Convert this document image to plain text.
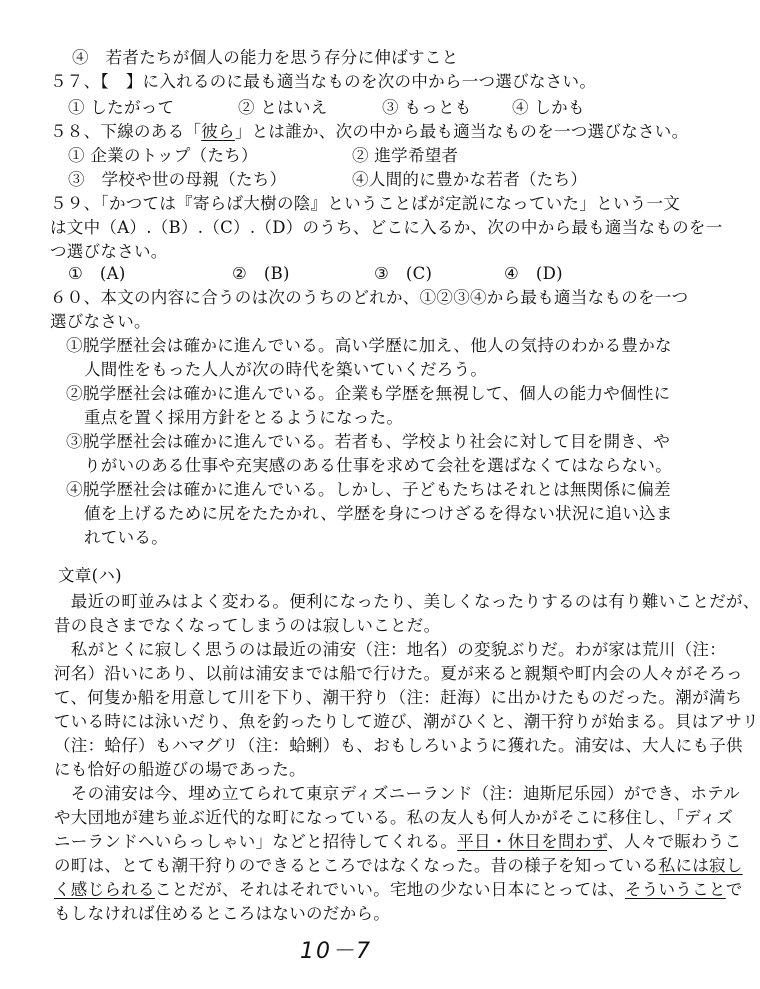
④　若者たちが個人の能力を思う存分に伸ばすこと
５７、【　】に入れるのに最も適当なものを次の中から一つ選びなさい。
① したがって	② とはいえ	③ もっとも ④ しかも
５８、下線のある「彼ら」とは誰か、次の中から最も適当なものを一つ選びなさい。
① 企業のトップ（たち）	② 進学希望者
③　学校や世の母親（たち）	④人間的に豊かな若者（たち）
５９、「かつては『寄らば大樹の陰』ということばが定説になっていた」という一文
は文中（A）.（B）.（C）.（D）のうち、どこに入るか、次の中から最も適当なものを一
つ選びなさい。
①　(A)	②　(B)	③　(C)	④　(D)
６０、本文の内容に合うのは次のうちのどれか、①②③④から最も適当なものを一つ
選びなさい。
①脱学歴社会は確かに進んでいる。高い学歴に加え、他人の気持のわかる豊かな
人間性をもった人人が次の時代を築いていくだろう。
②脱学歴社会は確かに進んでいる。企業も学歴を無視して、個人の能力や個性に
重点を置く採用方針をとるようになった。
③脱学歴社会は確かに進んでいる。若者も、学校より社会に対して目を開き、や
りがいのある仕事や充実感のある仕事を求めて会社を選ばなくてはならない。
④脱学歴社会は確かに進んでいる。しかし、子どもたちはそれとは無関係に偏差
値を上げるために尻をたたかれ、学歴を身につけざるを得ない状況に追い込ま
れている。
文章(ハ)
　最近の町並みはよく変わる。便利になったり、美しくなったりするのは有り難いことだが、
昔の良さまでなくなってしまうのは寂しいことだ。
　私がとくに寂しく思うのは最近の浦安（注：地名）の変貌ぶりだ。わが家は荒川（注：
河名）沿いにあり、以前は浦安までは船で行けた。夏が来ると親類や町内会の人々がそろっ
て、何隻か船を用意して川を下り、潮干狩り（注：赶海）に出かけたものだった。潮が満ち
ている時には泳いだり、魚を釣ったりして遊び、潮がひくと、潮干狩りが始まる。貝はアサリ
（注：蛤仔）もハマグリ（注：蛤蜊）も、おもしろいように獲れた。浦安は、大人にも子供
にも恰好の船遊びの場であった。
　その浦安は今、埋め立てられて東京ディズニーランド（注：迪斯尼乐园）ができ、ホテル
や大団地が建ち並ぶ近代的な町になっている。私の友人も何人かがそこに移住し、「ディズ
ニーランドへいらっしゃい」などと招待してくれる。平日・休日を問わず、人々で賑わうこ
の町は、とても潮干狩りのできるところではなくなった。昔の様子を知っている私には寂し
く感じられることだが、それはそれでいい。宅地の少ない日本にとっては、そういうことで
もしなければ住めるところはないのだから。
10－7
